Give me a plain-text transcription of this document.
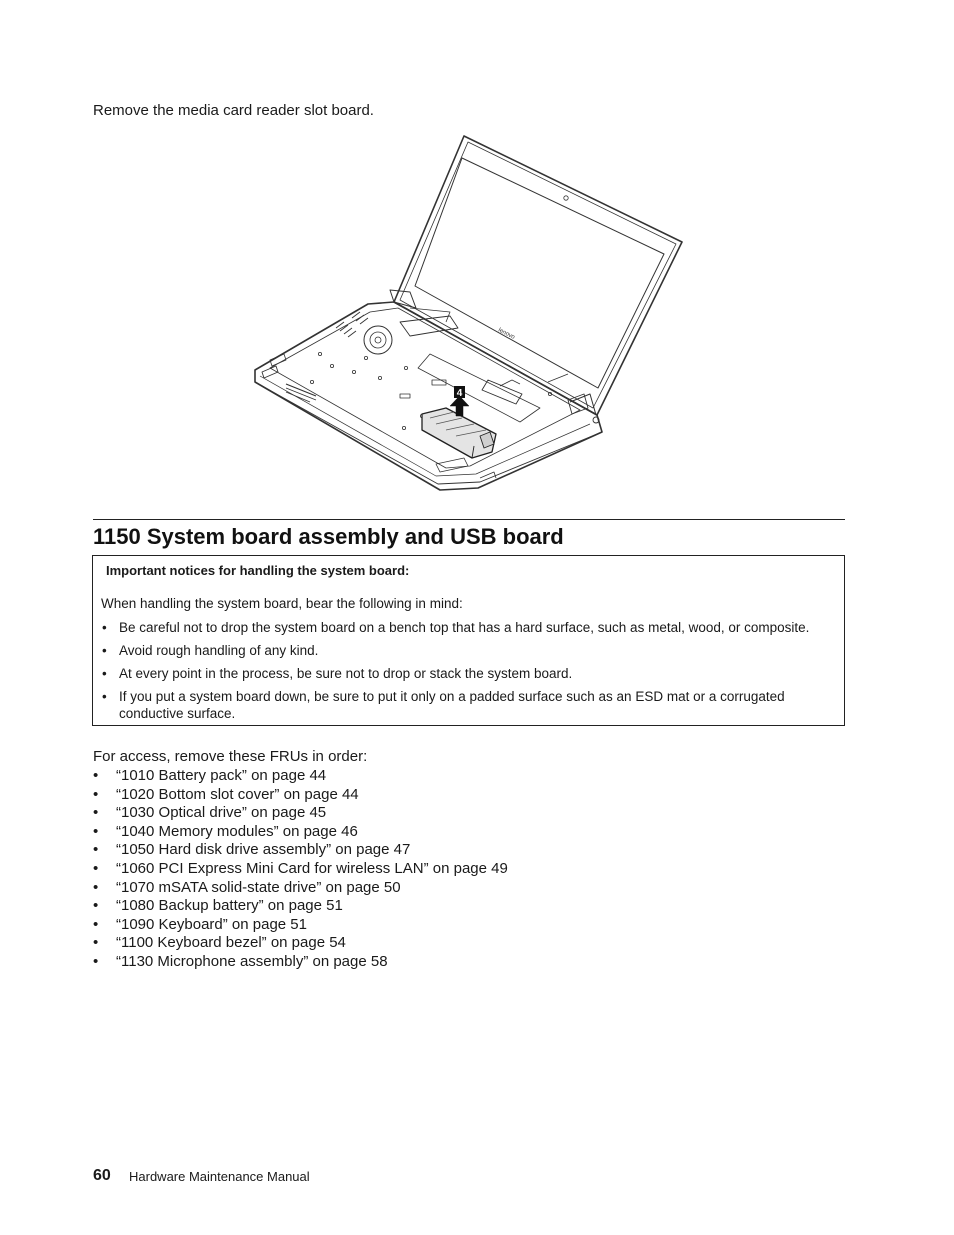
Remove the media card reader slot board.
lenovo
4
1150 System board assembly and USB board
Important notices for handling the system board:
When handling the system board, bear the following in mind:
• Be careful not to drop the system board on a bench top that has a hard surface, such as metal, wood, or composite.
• Avoid rough handling of any kind.
• At every point in the process, be sure not to drop or stack the system board.
• If you put a system board down, be sure to put it only on a padded surface such as an ESD mat or a corrugated conductive surface.
For access, remove these FRUs in order:
• “1010 Battery pack” on page 44
• “1020 Bottom slot cover” on page 44
• “1030 Optical drive” on page 45
• “1040 Memory modules” on page 46
• “1050 Hard disk drive assembly” on page 47
• “1060 PCI Express Mini Card for wireless LAN” on page 49
• “1070 mSATA solid-state drive” on page 50
• “1080 Backup battery” on page 51
• “1090 Keyboard” on page 51
• “1100 Keyboard bezel” on page 54
• “1130 Microphone assembly” on page 58
60 Hardware Maintenance Manual
